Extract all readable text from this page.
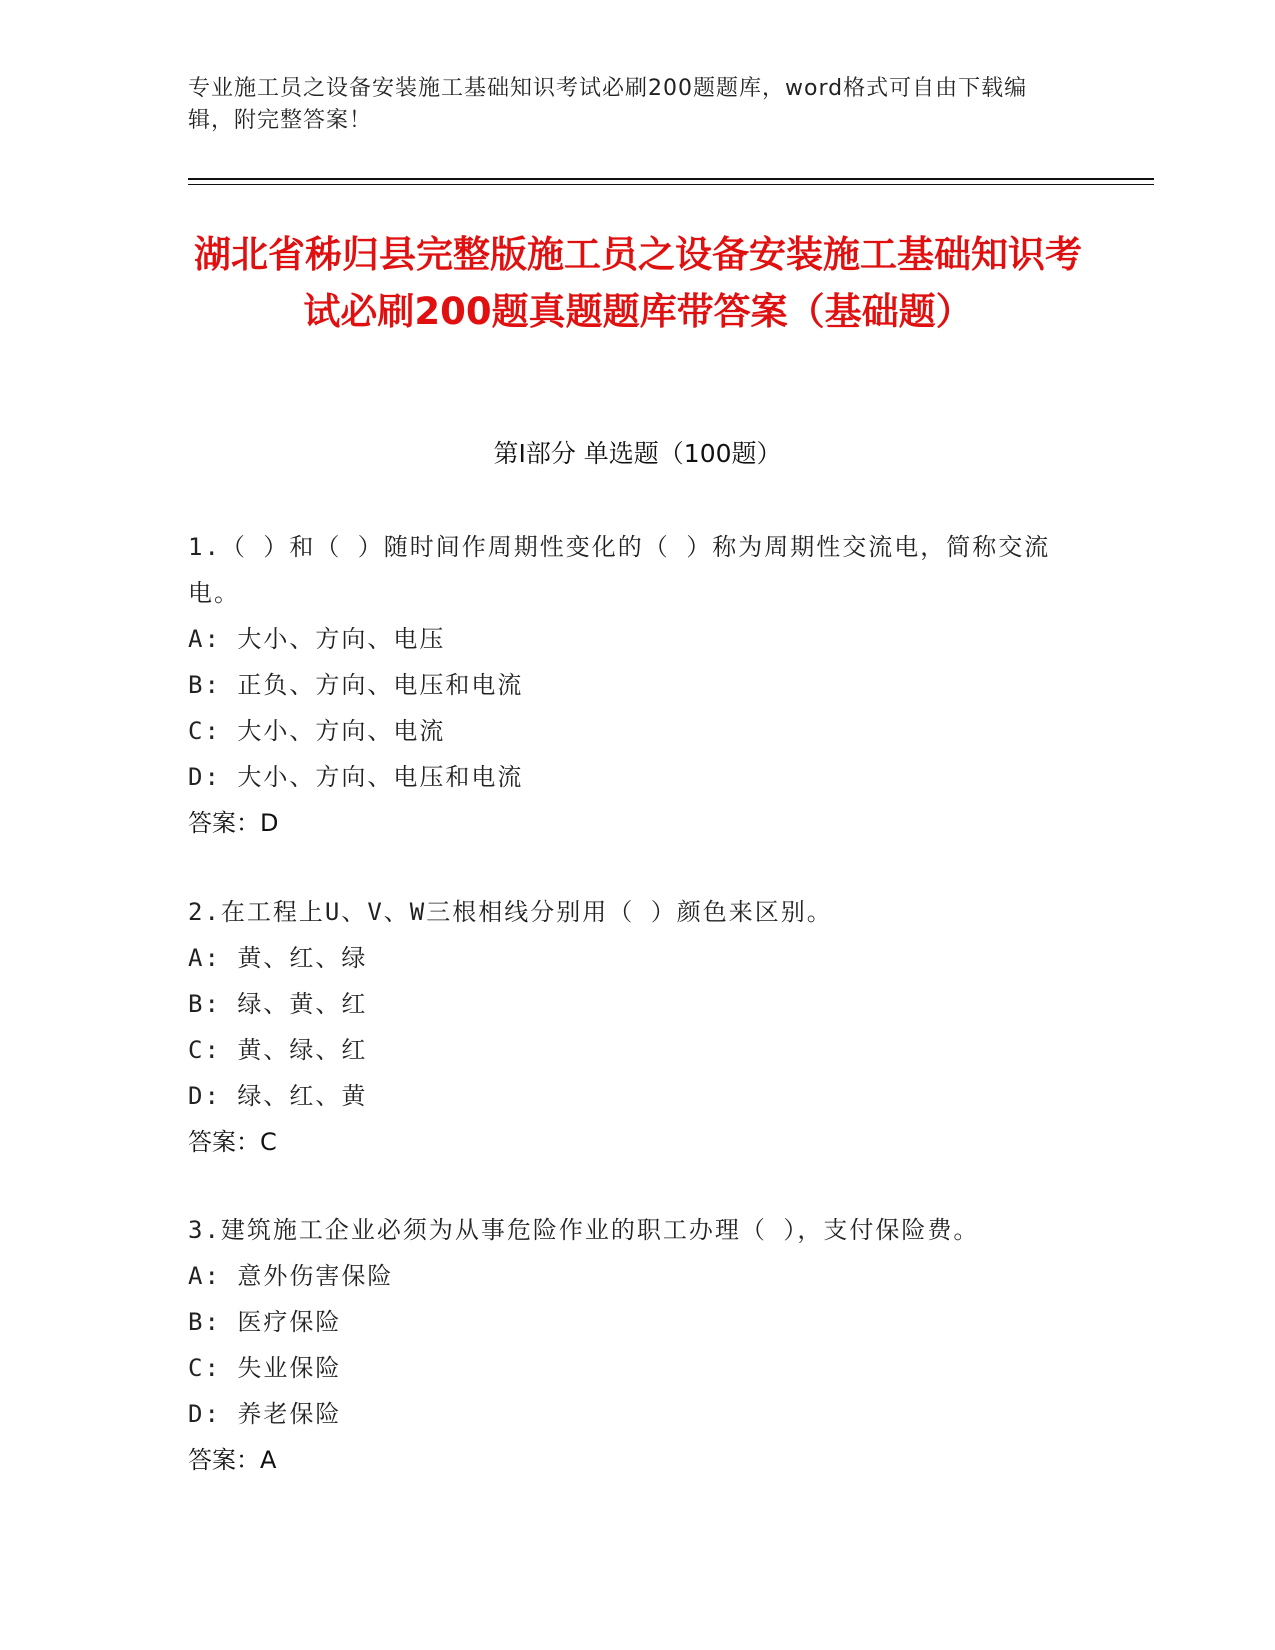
专业施工员之设备安装施工基础知识考试必刷200题题库，word格式可自由下载编辑，附完整答案！
湖北省秭归县完整版施工员之设备安装施工基础知识考试必刷200题真题题库带答案（基础题）
第Ⅰ部分 单选题（100题）
1.（ ）和（ ）随时间作周期性变化的（ ）称为周期性交流电，简称交流电。
A: 大小、方向、电压
B: 正负、方向、电压和电流
C: 大小、方向、电流
D: 大小、方向、电压和电流
答案：D
2.在工程上U、V、W三根相线分别用（ ）颜色来区别。
A: 黄、红、绿
B: 绿、黄、红
C: 黄、绿、红
D: 绿、红、黄
答案：C
3.建筑施工企业必须为从事危险作业的职工办理（ ），支付保险费。
A: 意外伤害保险
B: 医疗保险
C: 失业保险
D: 养老保险
答案：A
